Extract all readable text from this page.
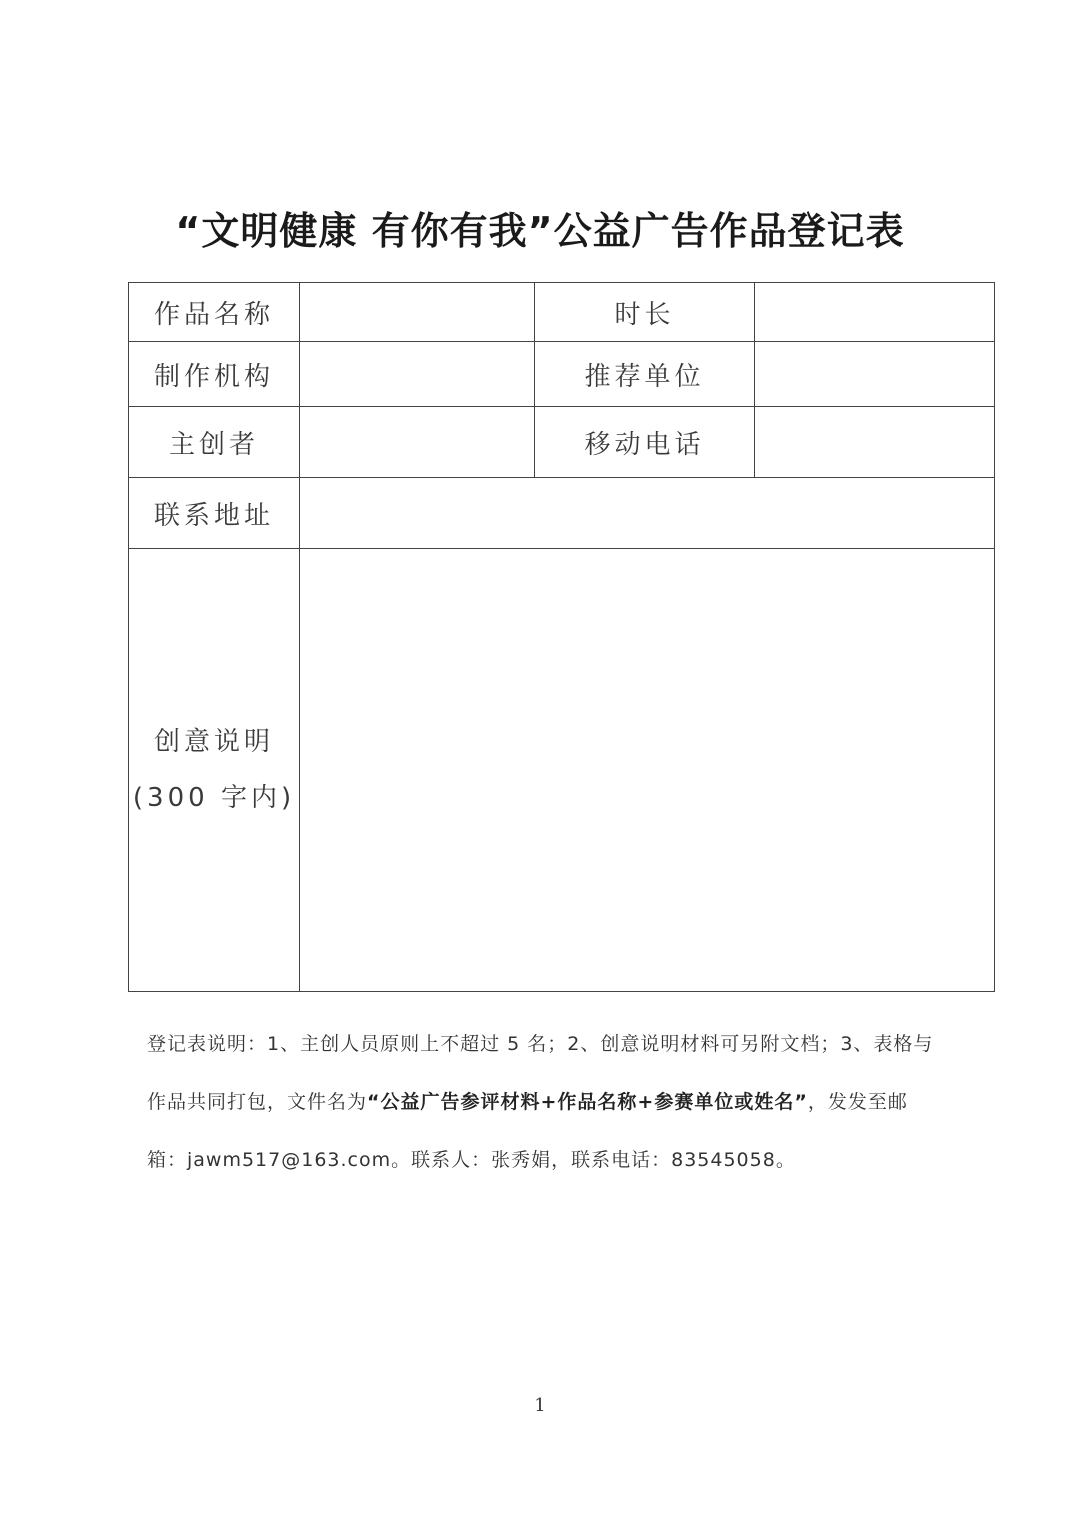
“文明健康 有你有我”公益广告作品登记表
作品名称		时长	
制作机构		推荐单位	
主创者		移动电话	
联系地址			

创意说明
(300 字内)			

登记表说明：1、主创人员原则上不超过 5 名；2、创意说明材料可另附文档；3、表格与作品共同打包，文件名为“公益广告参评材料+作品名称+参赛单位或姓名”，发发至邮箱：jawm517@163.com。联系人：张秀娟，联系电话：83545058。
1
